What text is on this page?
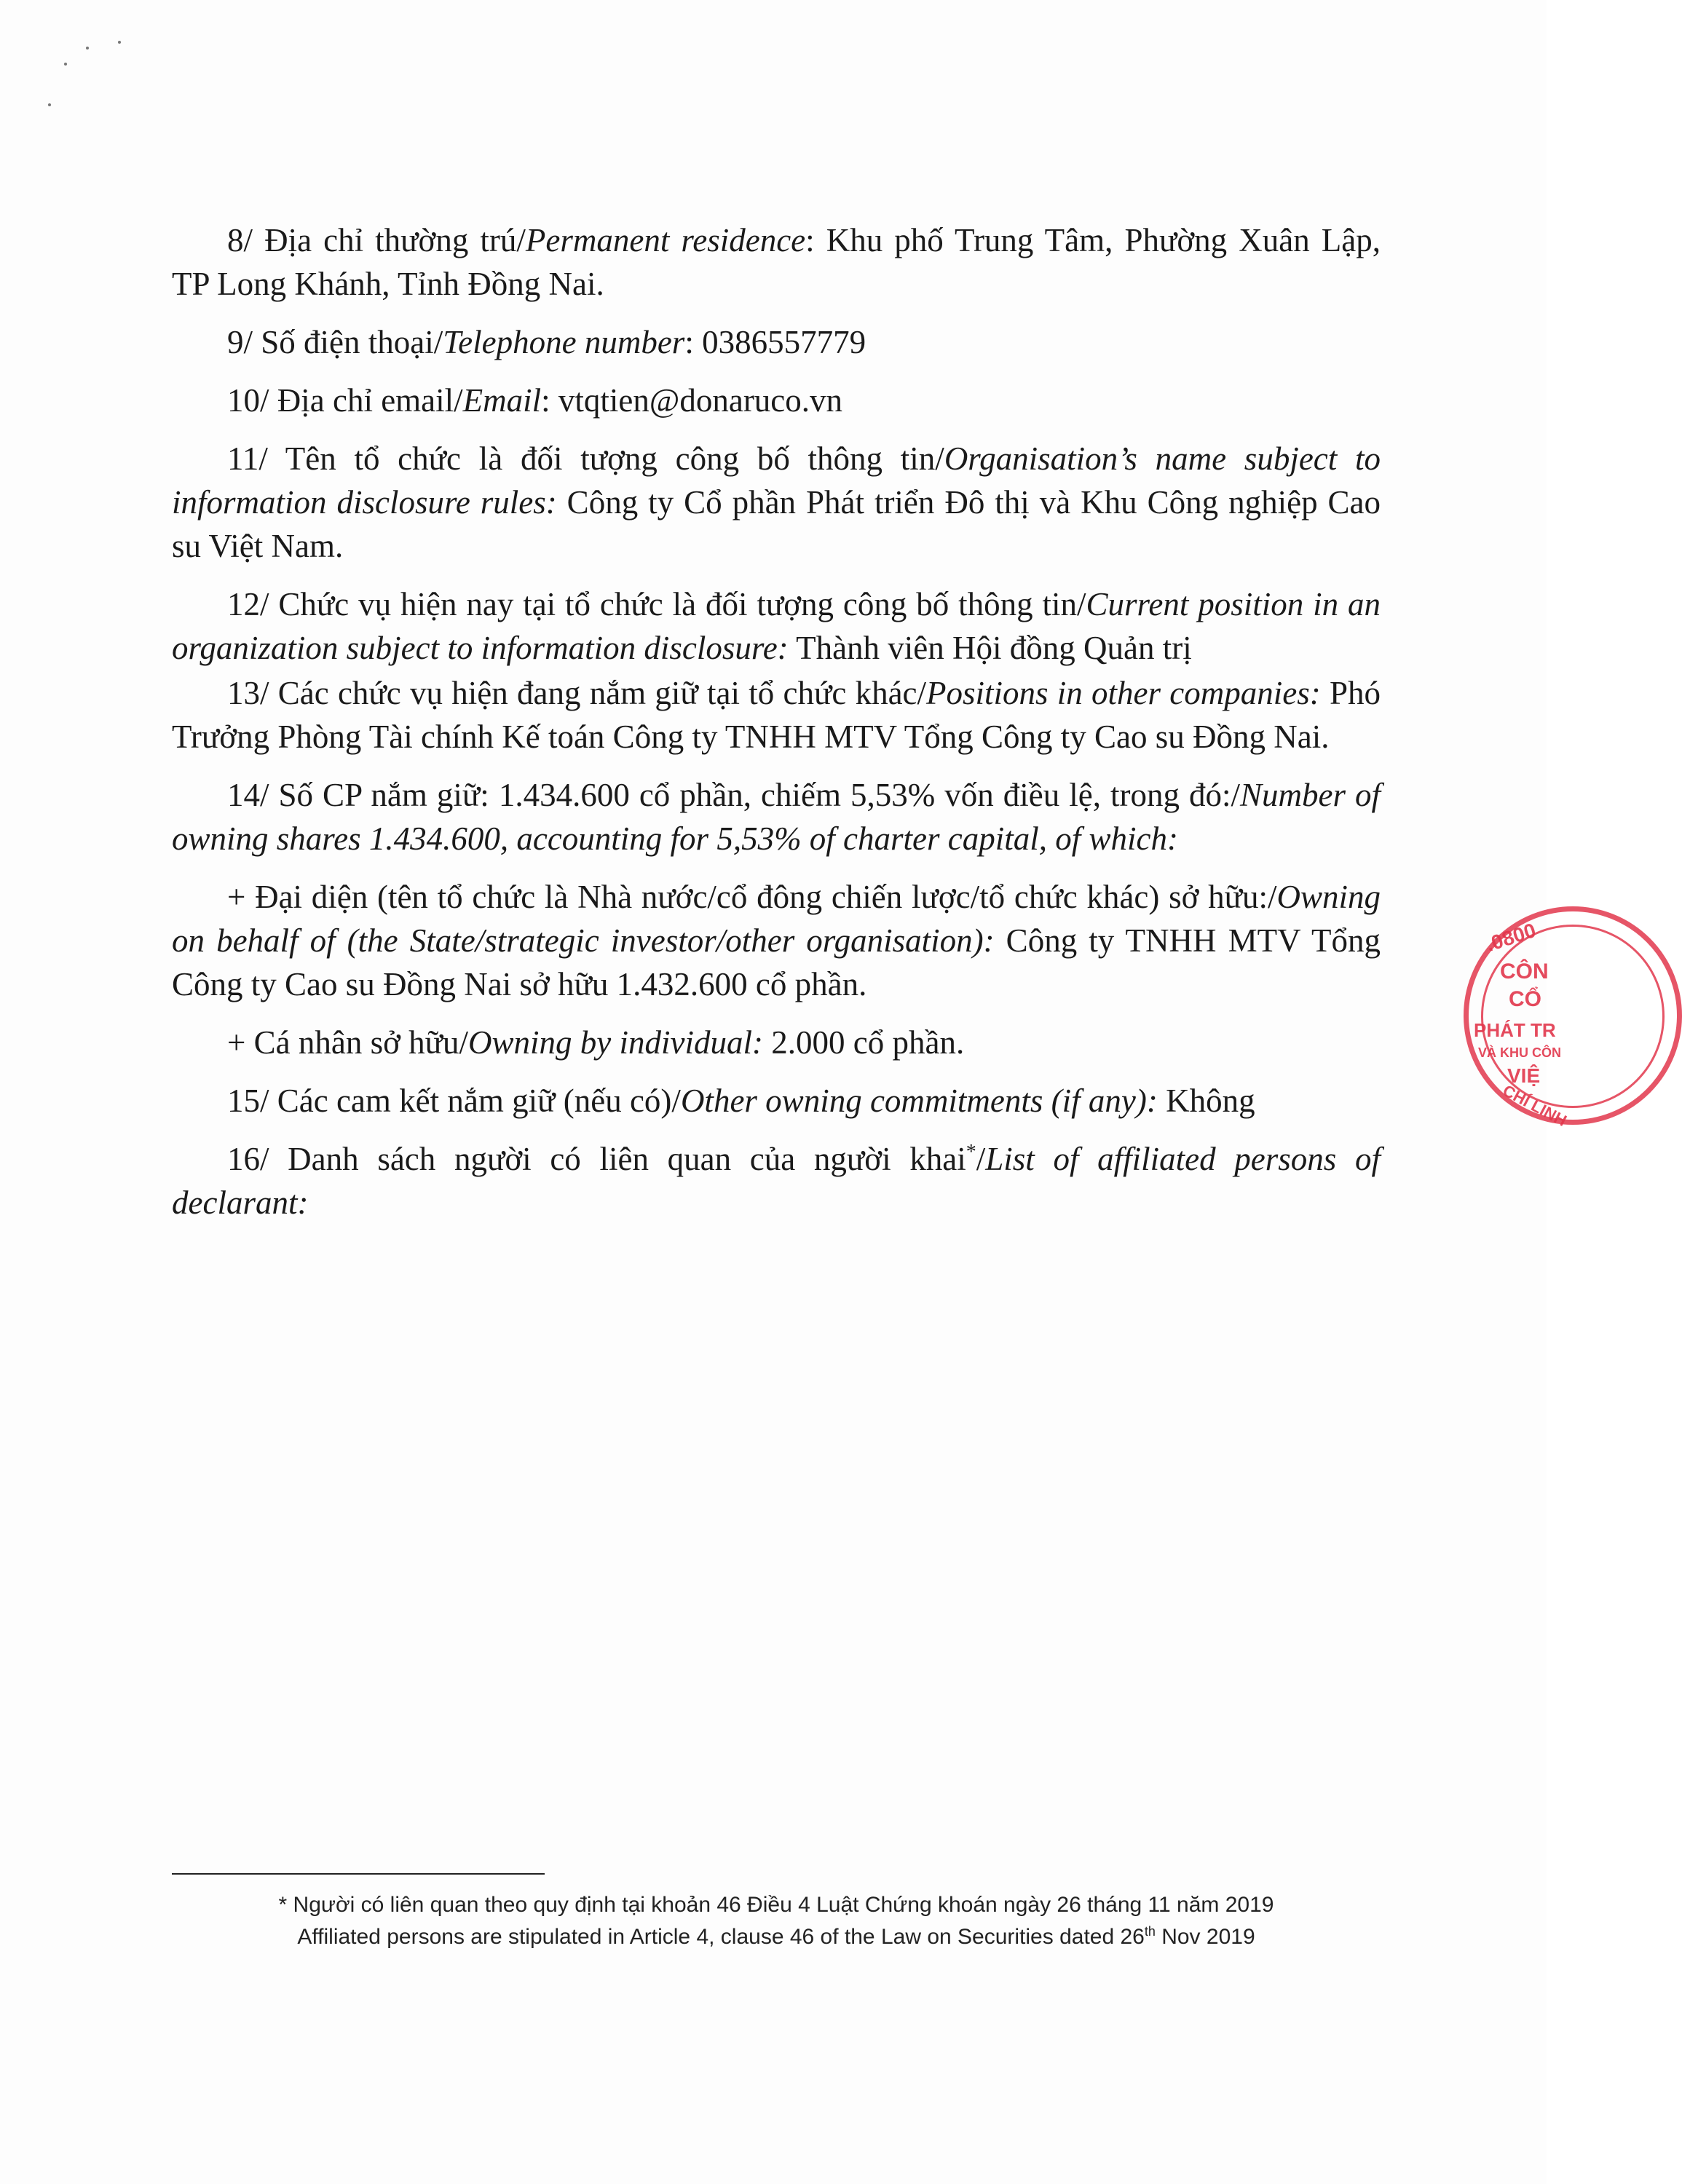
8/ Địa chỉ thường trú/Permanent residence: Khu phố Trung Tâm, Phường Xuân Lập, TP Long Khánh, Tỉnh Đồng Nai.

9/ Số điện thoại/Telephone number: 0386557779

10/ Địa chỉ email/Email: vtqtien@donaruco.vn

11/ Tên tổ chức là đối tượng công bố thông tin/Organisation’s name subject to information disclosure rules: Công ty Cổ phần Phát triển Đô thị và Khu Công nghiệp Cao su Việt Nam.

12/ Chức vụ hiện nay tại tổ chức là đối tượng công bố thông tin/Current position in an organization subject to information disclosure: Thành viên Hội đồng Quản trị

13/ Các chức vụ hiện đang nắm giữ tại tổ chức khác/Positions in other companies: Phó Trưởng Phòng Tài chính Kế toán Công ty TNHH MTV Tổng Công ty Cao su Đồng Nai.

14/ Số CP nắm giữ: 1.434.600 cổ phần, chiếm 5,53% vốn điều lệ, trong đó:/Number of owning shares 1.434.600, accounting for 5,53% of charter capital, of which:

+ Đại diện (tên tổ chức là Nhà nước/cổ đông chiến lược/tổ chức khác) sở hữu:/Owning on behalf of (the State/strategic investor/other organisation): Công ty TNHH MTV Tổng Công ty Cao su Đồng Nai sở hữu 1.432.600 cổ phần.

+ Cá nhân sở hữu/Owning by individual: 2.000 cổ phần.

15/ Các cam kết nắm giữ (nếu có)/Other owning commitments (if any): Không

16/ Danh sách người có liên quan của người khai*/List of affiliated persons of declarant:

* Người có liên quan theo quy định tại khoản 46 Điều 4 Luật Chứng khoán ngày 26 tháng 11 năm 2019
Affiliated persons are stipulated in Article 4, clause 46 of the Law on Securities dated 26th Nov 2019
.0800
CÔN
CỔ
PHÁT TR
VÀ KHU CÔN
VIỆ
CHÍ LINH
